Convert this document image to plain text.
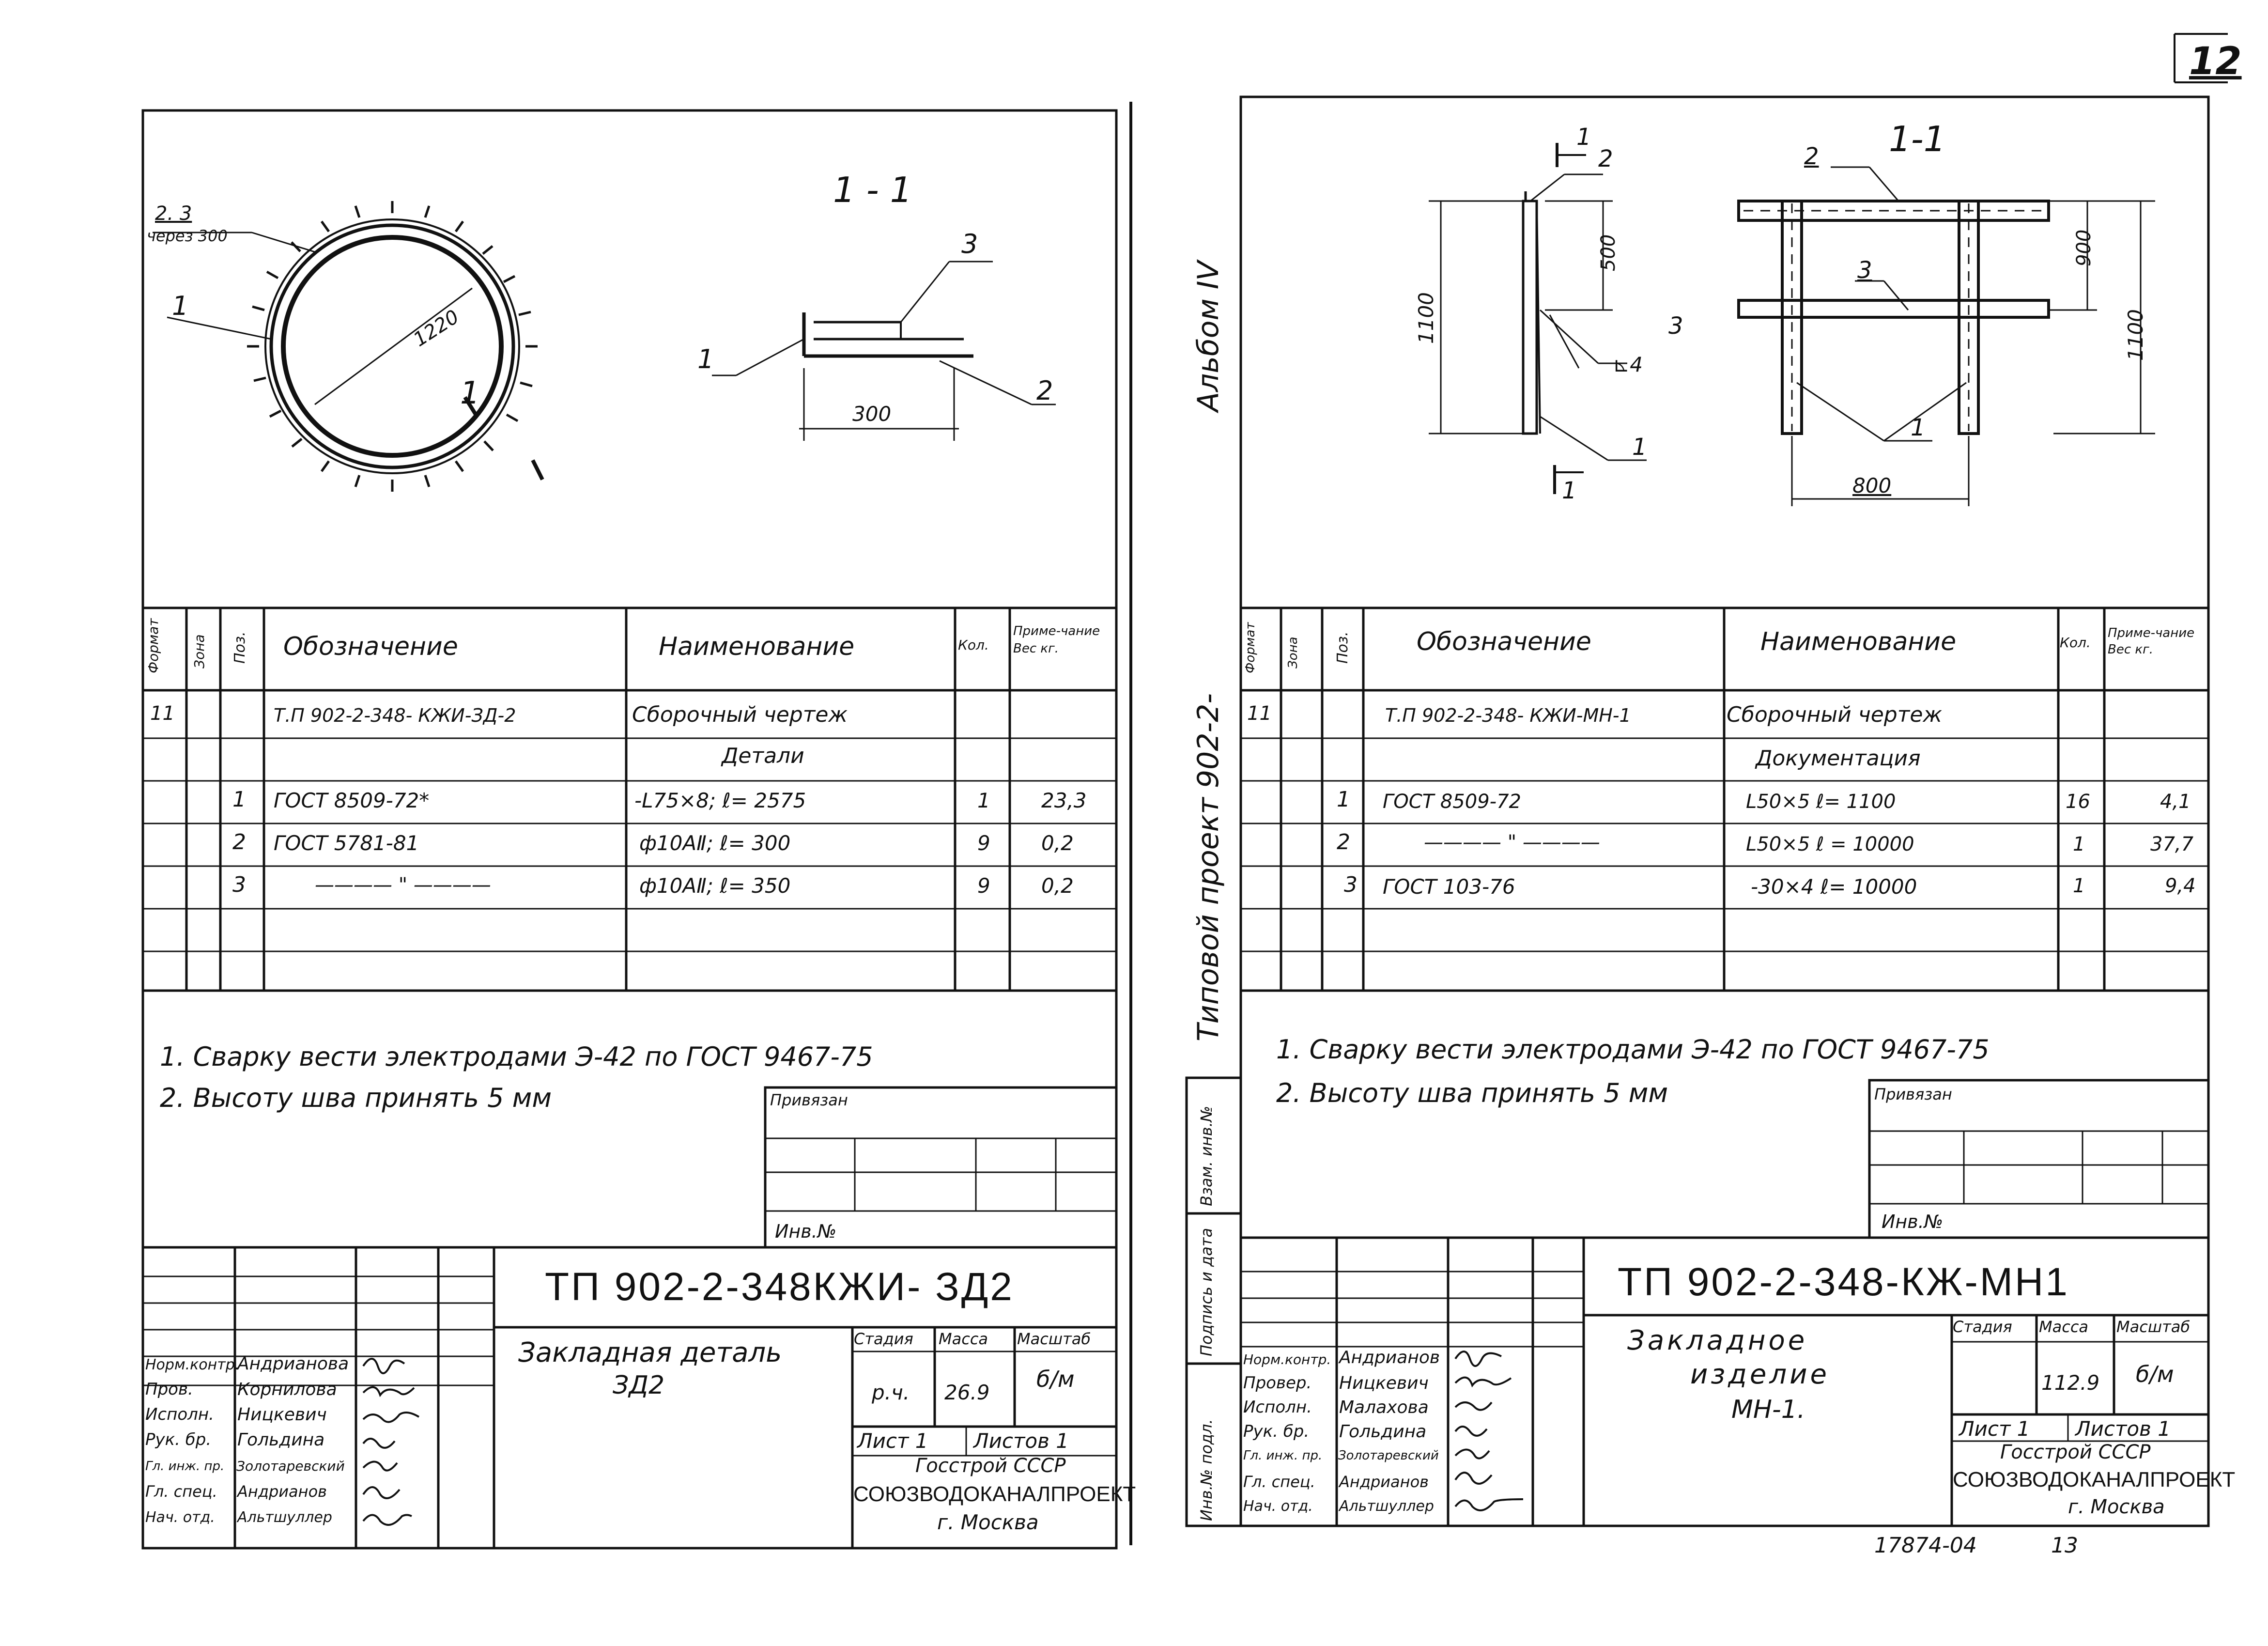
12
2. 3
через 300
1	1220
1
1 - 1
3
1
2
300
Формат Зона Поз. Обозначение	Наименование	Кол.
Приме-чание Вес кг.
11	Т.П 902-2-348- КЖИ-ЗД-2	Сборочный чертеж
Детали
1 ГОСТ 8509-72*	-L75×8; ℓ= 2575	1	23,3
2 ГОСТ 5781-81	ф10АⅡ; ℓ= 300	9	0,2
3	———— " ————	ф10АⅡ; ℓ= 350	9	0,2
1. Сварку вести электродами Э-42 по ГОСТ 9467-75
2. Высоту шва принять 5 мм	Привязан
Инв.№
ТП 902-2-348КЖИ- ЗД2
Закладная деталь
ЗД2
Стадия Масса Масштаб
р.ч. 26.9
б/м
Лист 1 Листов 1
Госстрой СССР
СОЮЗВОДОКАНАЛПРОЕКТ
г. Москва
Норм.контр.
Андрианова
Пров.	Корнилова
Исполн. Ницкевич
Рук. бр. Гольдина
Гл. инж. пр. Золотаревский
Гл. спец. Андрианов
Нач. отд. Альтшуллер
Альбом IV
Типовой проект 902-2-
Взам. инв.№
Подпись и дата
Инв.№ подл.
1-1
1
2
500
1100	3
⊾4
1
1
2
3
1
900
1100
800
Формат Зона Поз.	Обозначение	Наименование	Кол.
Приме-чание Вес кг.
11	Т.П 902-2-348- КЖИ-МН-1	Сборочный чертеж
Документация
1 ГОСТ 8509-72	L50×5 ℓ= 1100	16	4,1
2	———— " ————	L50×5 ℓ = 10000	1	37,7
3 ГОСТ 103-76	-30×4 ℓ= 10000	1	9,4
1. Сварку вести электродами Э-42 по ГОСТ 9467-75
2. Высоту шва принять 5 мм	Привязан
Инв.№
ТП 902-2-348-КЖ-МН1
Закладное
изделие
МН-1.
Стадия Масса Масштаб
112.9 б/м
Лист 1 Листов 1
Госстрой СССР
СОЮЗВОДОКАНАЛПРОЕКТ
г. Москва
Норм.контр. Андрианов
Провер. Ницкевич
Исполн. Малахова
Рук. бр. Гольдина
Гл. инж. пр. Золотаревский
Гл. спец. Андрианов
Нач. отд. Альтшуллер
17874-04	13
